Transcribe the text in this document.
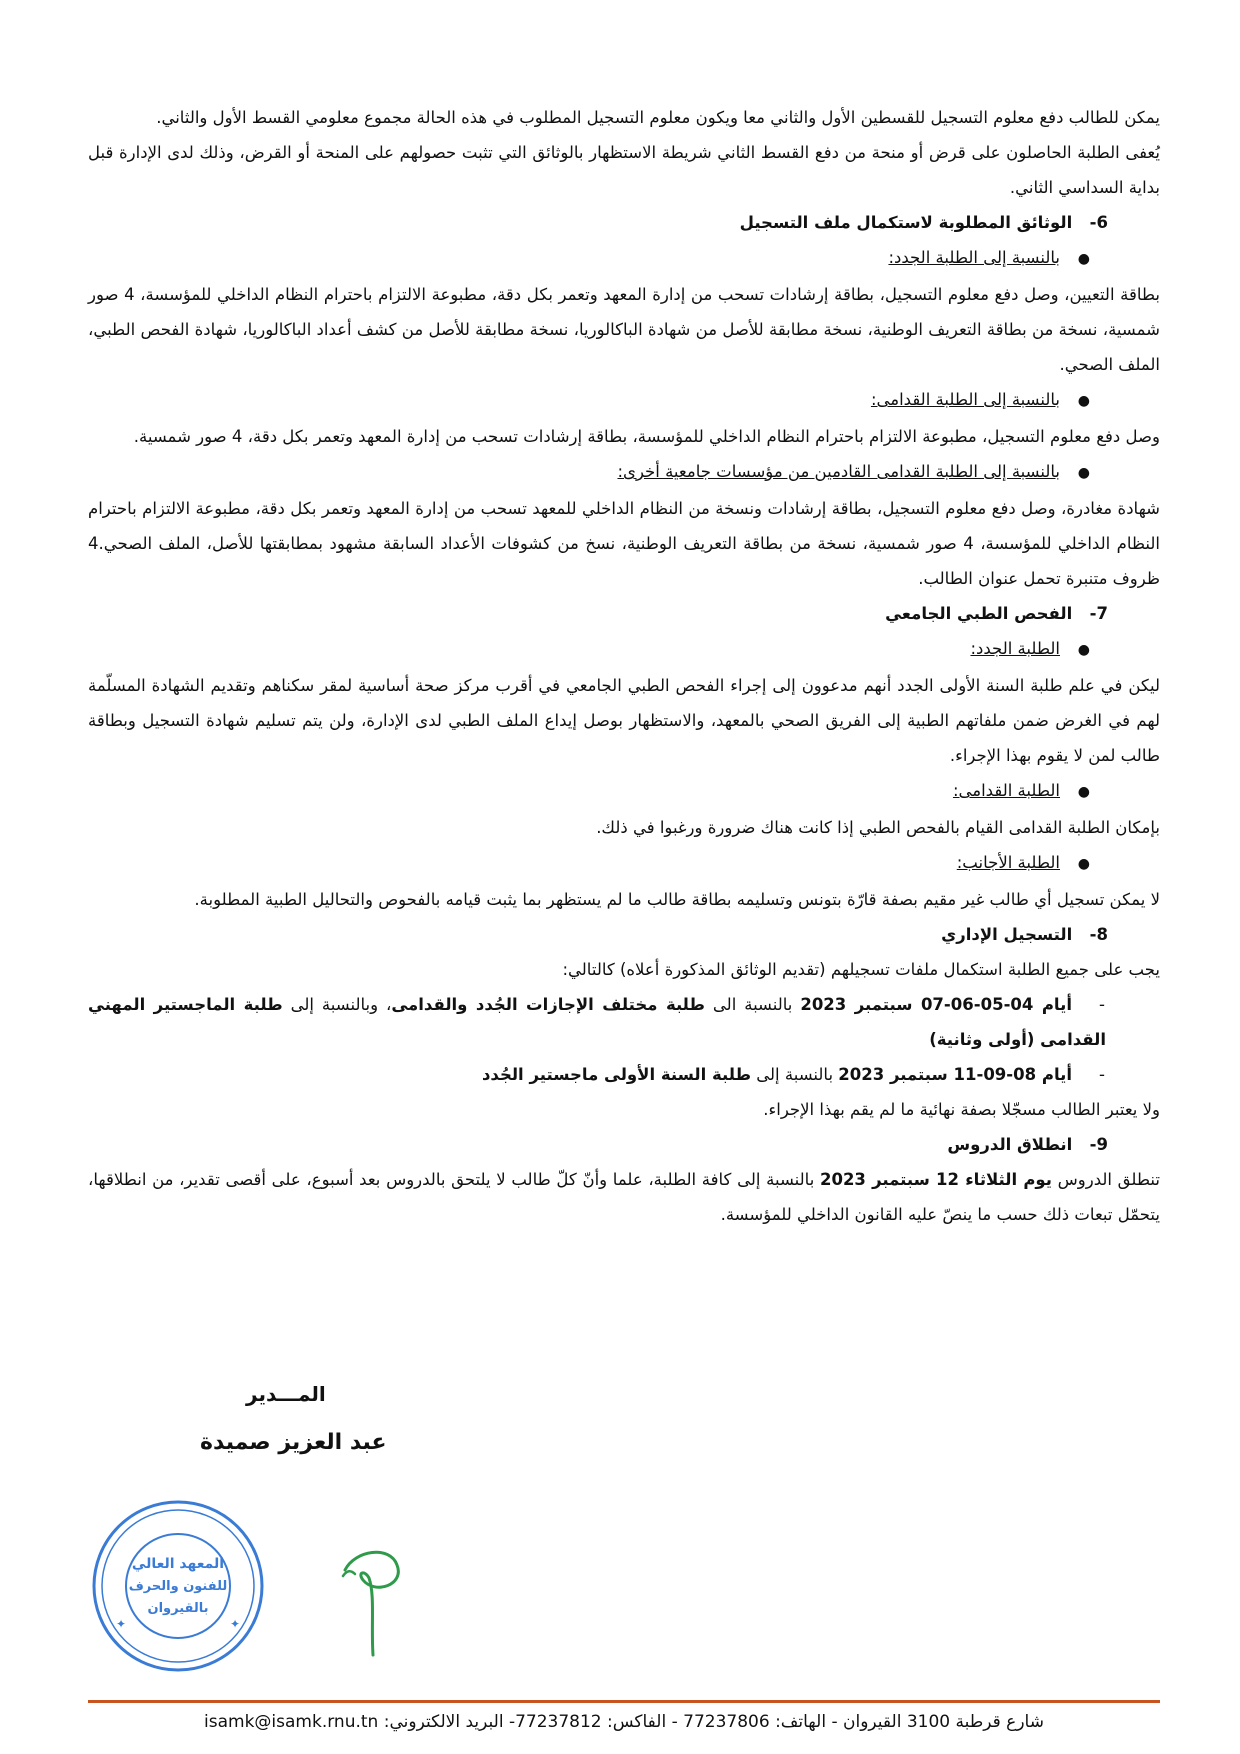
يمكن للطالب دفع معلوم التسجيل للقسطين الأول والثاني معا ويكون معلوم التسجيل المطلوب في هذه الحالة مجموع معلومي القسط الأول والثاني.

يُعفى الطلبة الحاصلون على قرض أو منحة من دفع القسط الثاني شريطة الاستظهار بالوثائق التي تثبت حصولهم على المنحة أو القرض، وذلك لدى الإدارة قبل بداية السداسي الثاني.

6- الوثائق المطلوبة لاستكمال ملف التسجيل

●بالنسبة إلى الطلبة الجدد:

بطاقة التعيين، وصل دفع معلوم التسجيل، بطاقة إرشادات تسحب من إدارة المعهد وتعمر بكل دقة، مطبوعة الالتزام باحترام النظام الداخلي للمؤسسة، 4 صور شمسية، نسخة من بطاقة التعريف الوطنية، نسخة مطابقة للأصل من شهادة الباكالوريا، نسخة مطابقة للأصل من كشف أعداد الباكالوريا، شهادة الفحص الطبي، الملف الصحي.

●بالنسبة إلى الطلبة القدامى:

وصل دفع معلوم التسجيل، مطبوعة الالتزام باحترام النظام الداخلي للمؤسسة، بطاقة إرشادات تسحب من إدارة المعهد وتعمر بكل دقة، 4 صور شمسية.

●بالنسبة إلى الطلبة القدامى القادمين من مؤسسات جامعية أخرى:

شهادة مغادرة، وصل دفع معلوم التسجيل، بطاقة إرشادات ونسخة من النظام الداخلي للمعهد تسحب من إدارة المعهد وتعمر بكل دقة، مطبوعة الالتزام باحترام النظام الداخلي للمؤسسة، 4 صور شمسية، نسخة من بطاقة التعريف الوطنية، نسخ من كشوفات الأعداد السابقة مشهود بمطابقتها للأصل، الملف الصحي.4 ظروف متنبرة تحمل عنوان الطالب.

7- الفحص الطبي الجامعي

●الطلبة الجدد:

ليكن في علم طلبة السنة الأولى الجدد أنهم مدعوون إلى إجراء الفحص الطبي الجامعي في أقرب مركز صحة أساسية لمقر سكناهم وتقديم الشهادة المسلّمة لهم في الغرض ضمن ملفاتهم الطبية إلى الفريق الصحي بالمعهد، والاستظهار بوصل إيداع الملف الطبي لدى الإدارة، ولن يتم تسليم شهادة التسجيل وبطاقة طالب لمن لا يقوم بهذا الإجراء.

●الطلبة القدامى:

بإمكان الطلبة القدامى القيام بالفحص الطبي إذا كانت هناك ضرورة ورغبوا في ذلك.

●الطلبة الأجانب:

لا يمكن تسجيل أي طالب غير مقيم بصفة قارّة بتونس وتسليمه بطاقة طالب ما لم يستظهر بما يثبت قيامه بالفحوص والتحاليل الطبية المطلوبة.

8- التسجيل الإداري

يجب على جميع الطلبة استكمال ملفات تسجيلهم (تقديم الوثائق المذكورة أعلاه) كالتالي:

-أيام 04-05-06-07 سبتمبر 2023 بالنسبة الى طلبة مختلف الإجازات الجُدد والقدامى، وبالنسبة إلى طلبة الماجستير المهني القدامى (أولى وثانية)

-أيام 08-09-11 سبتمبر 2023 بالنسبة إلى طلبة السنة الأولى ماجستير الجُدد

ولا يعتبر الطالب مسجّلا بصفة نهائية ما لم يقم بهذا الإجراء.

9- انطلاق الدروس

تنطلق الدروس يوم الثلاثاء 12 سبتمبر 2023 بالنسبة إلى كافة الطلبة، علما وأنّ كلّ طالب لا يلتحق بالدروس بعد أسبوع، على أقصى تقدير، من انطلاقها، يتحمّل تبعات ذلك حسب ما ينصّ عليه القانون الداخلي للمؤسسة.

المـــدير
عبد العزيز صميدة
المعهد العالي
للفنون والحرف
بالقيروان
✦	✦
شارع قرطبة 3100 القيروان - الهاتف: 77237806 - الفاكس: 77237812- البريد الالكتروني: isamk@isamk.rnu.tn
